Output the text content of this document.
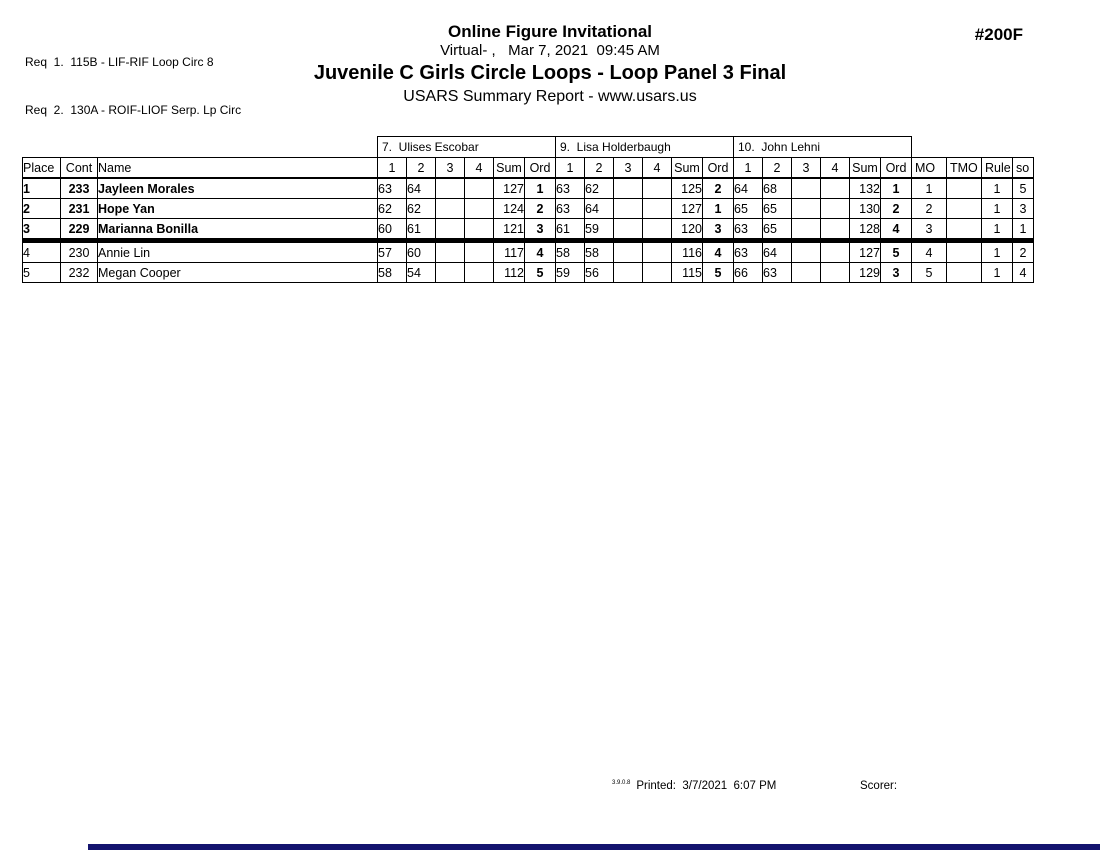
Req  1.  115B - LIF-RIF Loop Circ 8

Req  2.  130A - ROIF-LIOF Serp. Lp Circ

Online Figure Invitational
Virtual- ,   Mar 7, 2021  09:45 AM
Juvenile C Girls Circle Loops - Loop Panel 3 Final
USARS Summary Report - www.usars.us
#200F
			7.  Ulises Escobar						9.  Lisa Holderbaugh						10.  John Lehni									
Place	Cont	Name	1	2	3	4	Sum	Ord	1	2	3	4	Sum	Ord	1	2	3	4	Sum	Ord	MO	TMO	Rule	so
1	233	Jayleen Morales	63	64			127	1	63	62			125	2	64	68			132	1	1		1	5
2	231	Hope Yan	62	62			124	2	63	64			127	1	65	65			130	2	2		1	3
3	229	Marianna Bonilla	60	61			121	3	61	59			120	3	63	65			128	4	3		1	1
4	230	Annie Lin	57	60			117	4	58	58			116	4	63	64			127	5	4		1	2
5	232	Megan Cooper	58	54			112	5	59	56			115	5	66	63			129	3	5		1	4
$^{3.9.0.8}$ Printed:  3/7/2021  6:07 PM	Scorer:
